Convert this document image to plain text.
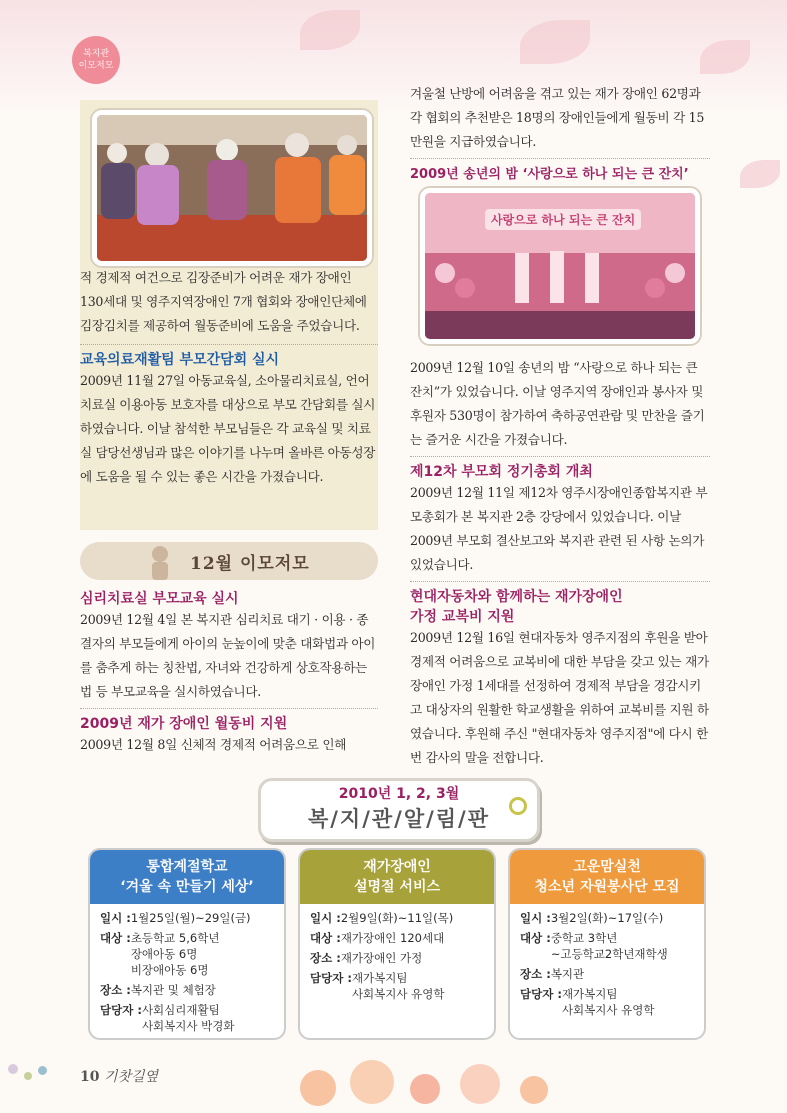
복지관
이모저모

적 경제적 여건으로 김장준비가 어려운 재가 장애인 130세대 및 영주지역장애인 7개 협회와 장애인단체에 김장김치를 제공하여 월동준비에 도움을 주었습니다.

교육의료재활팀 부모간담회 실시

2009년 11월 27일 아동교육실, 소아물리치료실, 언어치료실 이용아동 보호자를 대상으로 부모 간담회를 실시하였습니다. 이날 참석한 부모님들은 각 교육실 및 치료실 담당선생님과 많은 이야기를 나누며 올바른 아동성장에 도움을 될 수 있는 좋은 시간을 가졌습니다.

12월 이모저모

심리치료실 부모교육 실시

2009년 12월 4일 본 복지관 심리치료 대기 · 이용 · 종결자의 부모들에게 아이의 눈높이에 맞춘 대화법과 아이를 춤추게 하는 칭찬법, 자녀와 건강하게 상호작용하는 법 등 부모교육을 실시하였습니다.

2009년 재가 장애인 월동비 지원

2009년 12월 8일 신체적 경제적 어려움으로 인해

겨울철 난방에 어려움을 겪고 있는 재가 장애인 62명과 각 협회의 추천받은 18명의 장애인들에게 월동비 각 15만원을 지급하였습니다.

2009년 송년의 밤 ‘사랑으로 하나 되는 큰 잔치’

사랑으로 하나 되는 큰 잔치

2009년 12월 10일 송년의 밤 “사랑으로 하나 되는 큰 잔치”가 있었습니다. 이날 영주지역 장애인과 봉사자 및 후원자 530명이 참가하여 축하공연관람 및 만찬을 즐기는 즐거운 시간을 가졌습니다.

제12차 부모회 정기총회 개최

2009년 12월 11일 제12차 영주시장애인종합복지관 부모총회가 본 복지관 2층 강당에서 있었습니다. 이날 2009년 부모회 결산보고와 복지관 관련 된 사항 논의가 있었습니다.

현대자동차와 함께하는 재가장애인

가정 교복비 지원

2009년 12월 16일 현대자동차 영주지점의 후원을 받아 경제적 어려움으로 교복비에 대한 부담을 갖고 있는 재가장애인 가정 1세대를 선정하여 경제적 부담을 경감시키고 대상자의 원활한 학교생활을 위하여 교복비를 지원 하였습니다. 후원해 주신 "현대자동차 영주지점"에 다시 한번 감사의 말을 전합니다.

2010년 1, 2, 3월
복/지/관/알/림/판
통합계절학교
‘겨울 속 만들기 세상’
일시 : 1월25일(월)~29일(금)
대상 : 초등학교 5,6학년
장애아동 6명
비장애아동 6명
장소 : 복지관 및 체험장
담당자 : 사회심리재활팀
사회복지사 박경화
재가장애인
설명절 서비스
일시 : 2월9일(화)~11일(목)
대상 : 재가장애인 120세대
장소 : 재가장애인 가정
담당자 : 재가복지팀
사회복지사 유영학
고운맘실천
청소년 자원봉사단 모집
일시 : 3월2일(화)~17일(수)
대상 : 중학교 3학년
~고등학교2학년재학생
장소 : 복지관
담당자 : 재가복지팀
사회복지사 유영학
10 기찻길옆
